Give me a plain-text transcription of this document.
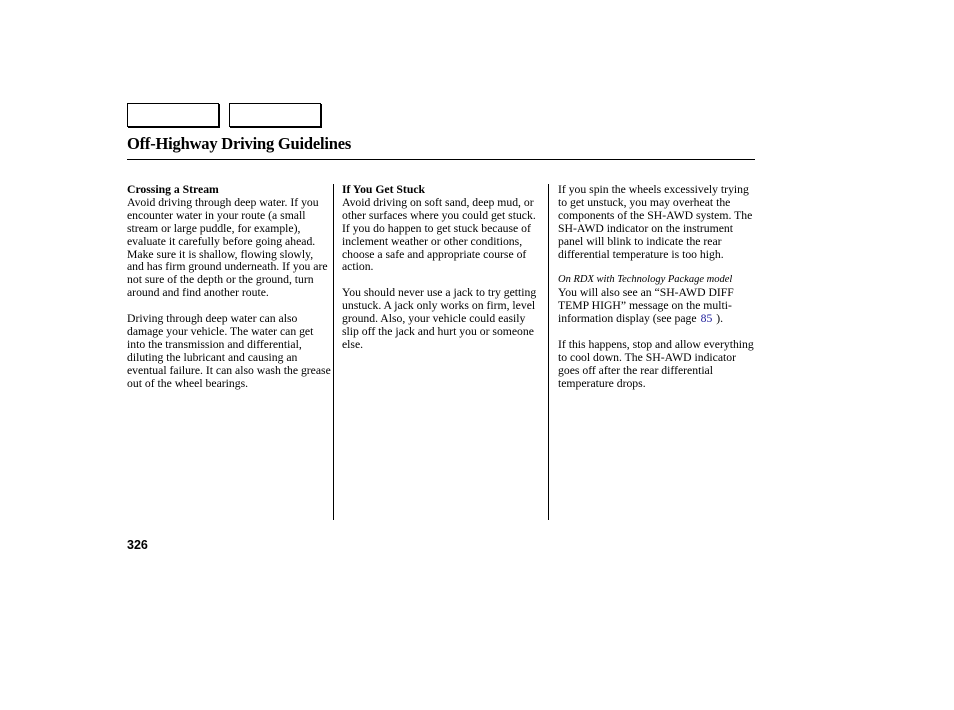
Off-Highway Driving Guidelines

Crossing a Stream

Avoid driving through deep water. If you encounter water in your route (a small stream or large puddle, for example), evaluate it carefully before going ahead. Make sure it is shallow, flowing slowly, and has firm ground underneath. If you are not sure of the depth or the ground, turn around and find another route.

Driving through deep water can also damage your vehicle. The water can get into the transmission and differential, diluting the lubricant and causing an eventual failure. It can also wash the grease out of the wheel bearings.

If You Get Stuck

Avoid driving on soft sand, deep mud, or other surfaces where you could get stuck. If you do happen to get stuck because of inclement weather or other conditions, choose a safe and appropriate course of action.

You should never use a jack to try getting unstuck. A jack only works on firm, level ground. Also, your vehicle could easily slip off the jack and hurt you or someone else.

If you spin the wheels excessively trying to get unstuck, you may overheat the components of the SH-AWD system. The SH-AWD indicator on the instrument panel will blink to indicate the rear differential temperature is too high.

On RDX with Technology Package model

You will also see an “SH-AWD DIFF TEMP HIGH” message on the multi-information display (see page 85 ).

If this happens, stop and allow everything to cool down. The SH-AWD indicator goes off after the rear differential temperature drops.

326
